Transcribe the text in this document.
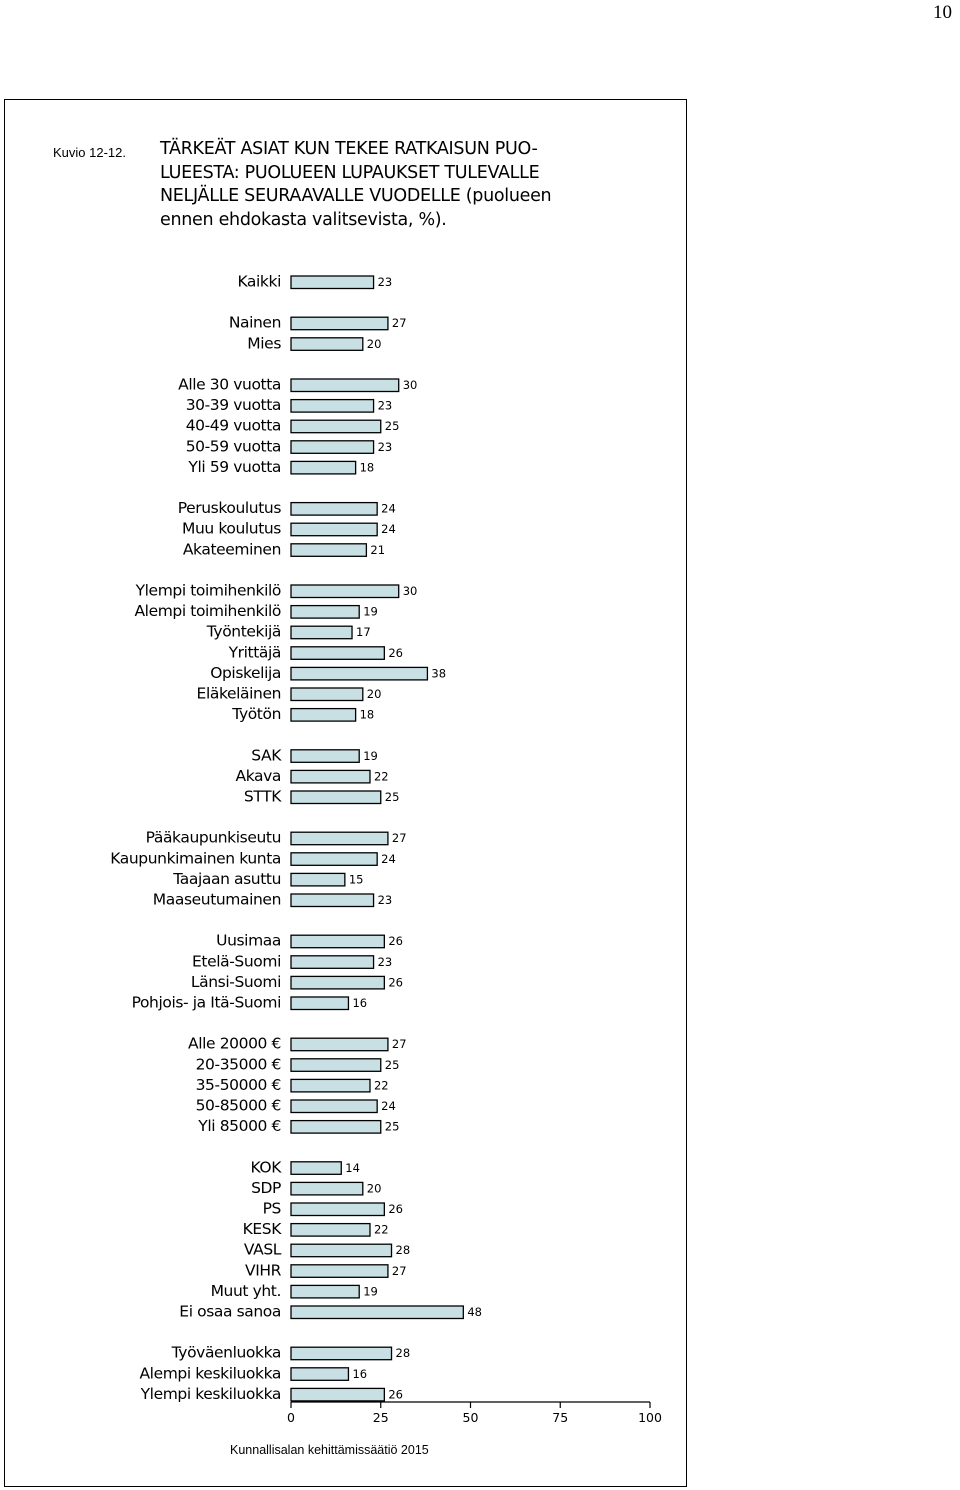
10
Kuvio 12-12. TÄRKEÄT ASIAT KUN TEKEE RATKAISUN PUO-
LUEESTA: PUOLUEEN LUPAUKSET TULEVALLE
NELJÄLLE SEURAAVALLE VUODELLE (puolueen
ennen ehdokasta valitsevista, %).
Kaikki	23
Nainen	27
Mies	20
Alle 30 vuotta	30
30-39 vuotta	23
40-49 vuotta	25
50-59 vuotta	23
Yli 59 vuotta	18
Peruskoulutus	24
Muu koulutus	24
Akateeminen	21
Ylempi toimihenkilö	30
Alempi toimihenkilö	19
Työntekijä	17
Yrittäjä	26
Opiskelija	38
Eläkeläinen	20
Työtön	18
SAK	19
Akava	22
STTK	25
Pääkaupunkiseutu	27
Kaupunkimainen kunta	24
Taajaan asuttu	15
Maaseutumainen	23
Uusimaa	26
Etelä-Suomi	23
Länsi-Suomi	26
Pohjois- ja Itä-Suomi	16
Alle 20000 €	27
20-35000 €	25
35-50000 €	22
50-85000 €	24
Yli 85000 €	25
KOK	14
SDP	20
PS	26
KESK	22
VASL	28
VIHR	27
Muut yht.	19
Ei osaa sanoa	48
Työväenluokka	28
Alempi keskiluokka	16
Ylempi keskiluokka	26
0	25	50	75	100
Kunnallisalan kehittämissäätiö 2015
